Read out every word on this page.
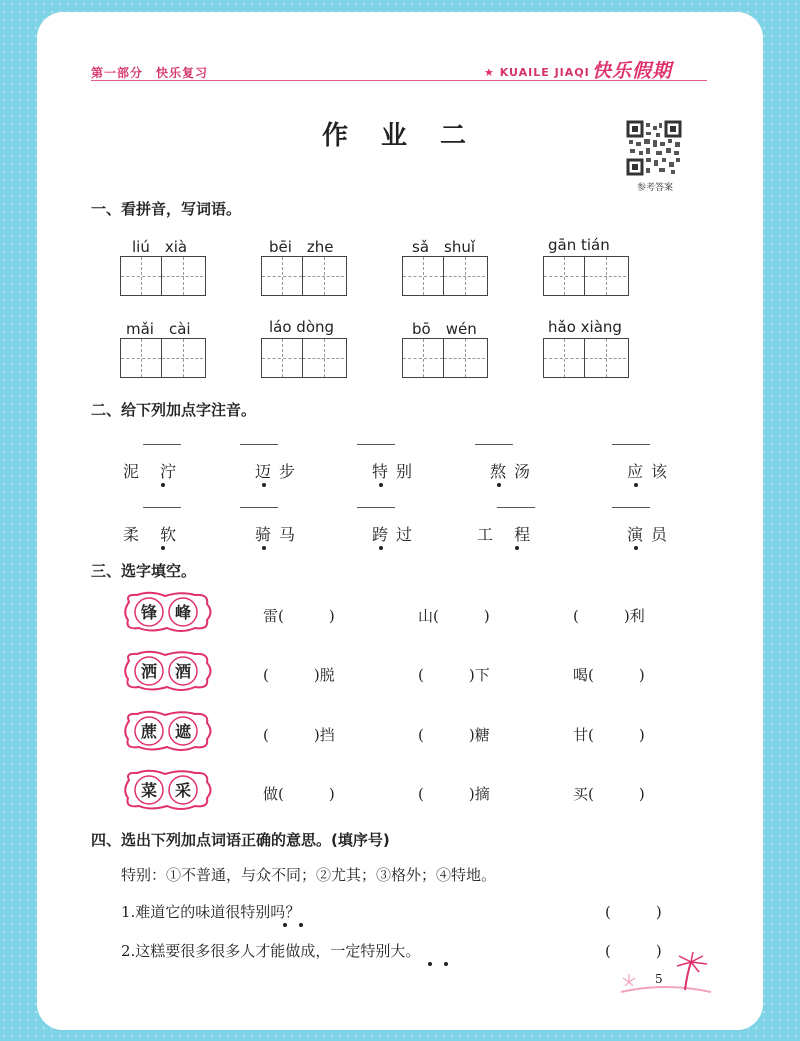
第一部分　快乐复习	★ KUAILE JIAQI 快乐假期
作 业 二
参考答案
一、看拼音，写词语。
liú　xià	bēi　zhe	sǎ　shuǐ	gān tián
mǎi　cài	láo dòng	bō　wén	hǎo xiàng
二、给下列加点字注音。
泥 泞	迈步	特别	熬汤	应该
柔 软	骑马	跨过	工 程	演员
三、选字填空。
锋	峰	雷(　　　)	山(　　　)	(　　　)利
洒	酒	(　　　)脱	(　　　)下	喝(　　　)
蔗	遮	(　　　)挡	(　　　)糖	甘(　　　)
菜	采	做(　　　)	(　　　)摘	买(　　　)
四、选出下列加点词语正确的意思。(填序号)
特别：①不普通，与众不同；②尤其；③格外；④特地。
1.难道它的味道很特别吗？	(　　　)
2.这糕要很多很多人才能做成，一定特别大。	(　　　)
5
